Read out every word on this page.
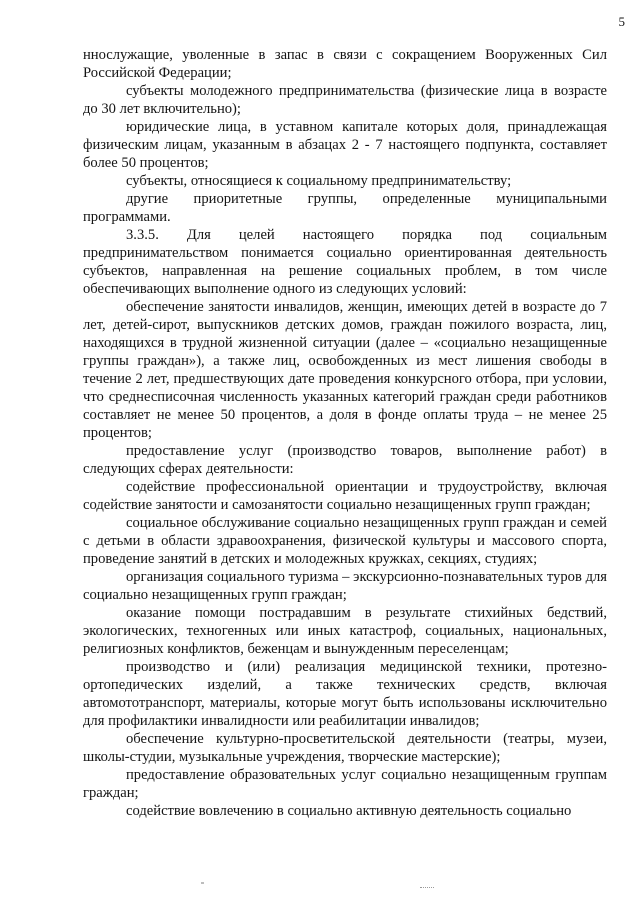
5

ннослужащие, уволенные в запас в связи с сокращением Вооруженных Сил Российской Федерации;

субъекты молодежного предпринимательства (физические лица в возрасте до 30 лет включительно);

юридические лица, в уставном капитале которых доля, принадлежащая физическим лицам, указанным в абзацах 2 - 7 настоящего подпункта, составляет более 50 процентов;

субъекты, относящиеся к социальному предпринимательству;

другие приоритетные группы, определенные муниципальными программами.

3.3.5. Для целей настоящего порядка под социальным предпринимательством понимается социально ориентированная деятельность субъектов, направленная на решение социальных проблем, в том числе обеспечивающих выполнение одного из следующих условий:

обеспечение занятости инвалидов, женщин, имеющих детей в возрасте до 7 лет, детей-сирот, выпускников детских домов, граждан пожилого возраста, лиц, находящихся в трудной жизненной ситуации (далее – «социально незащищенные группы граждан»), а также лиц, освобожденных из мест лишения свободы в течение 2 лет, предшествующих дате проведения конкурсного отбора, при условии, что среднесписочная численность указанных категорий граждан среди работников составляет не менее 50 процентов, а доля в фонде оплаты труда – не менее 25 процентов;

предоставление услуг (производство товаров, выполнение работ) в следующих сферах деятельности:

содействие профессиональной ориентации и трудоустройству, включая содействие занятости и самозанятости социально незащищенных групп граждан;

социальное обслуживание социально незащищенных групп граждан и семей с детьми в области здравоохранения, физической культуры и массового спорта, проведение занятий в детских и молодежных кружках, секциях, студиях;

организация социального туризма – экскурсионно-познавательных туров для социально незащищенных групп граждан;

оказание помощи пострадавшим в результате стихийных бедствий, экологических, техногенных или иных катастроф, социальных, национальных, религиозных конфликтов, беженцам и вынужденным переселенцам;

производство и (или) реализация медицинской техники, протезно-ортопедических изделий, а также технических средств, включая автомототранспорт, материалы, которые могут быть использованы исключительно для профилактики инвалидности или реабилитации инвалидов;

обеспечение культурно-просветительской деятельности (театры, музеи, школы-студии, музыкальные учреждения, творческие мастерские);

предоставление образовательных услуг социально незащищенным группам граждан;

содействие вовлечению в социально активную деятельность социально
